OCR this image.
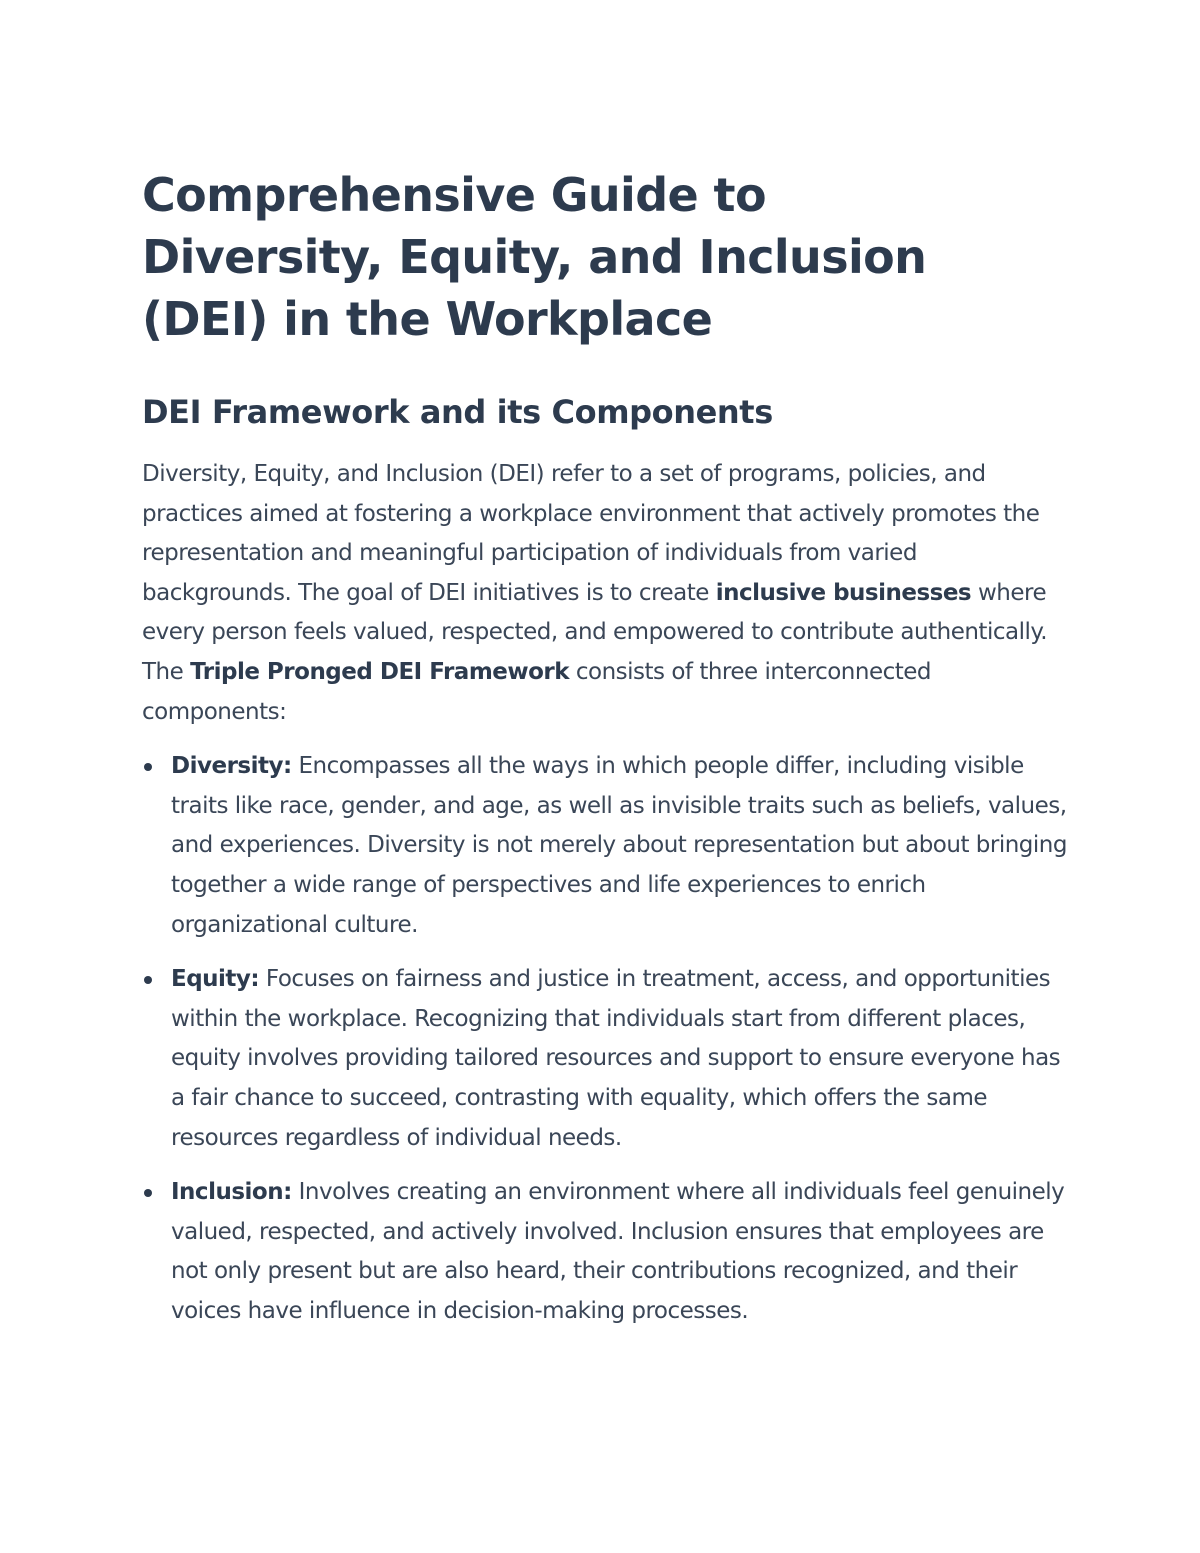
Comprehensive Guide to Diversity, Equity, and Inclusion (DEI) in the Workplace
DEI Framework and its Components

Diversity, Equity, and Inclusion (DEI) refer to a set of programs, policies, and practices aimed at fostering a workplace environment that actively promotes the representation and meaningful participation of individuals from varied backgrounds. The goal of DEI initiatives is to create inclusive businesses where every person feels valued, respected, and empowered to contribute authentically. The Triple Pronged DEI Framework consists of three interconnected components:

Diversity: Encompasses all the ways in which people differ, including visible traits like race, gender, and age, as well as invisible traits such as beliefs, values, and experiences. Diversity is not merely about representation but about bringing together a wide range of perspectives and life experiences to enrich organizational culture.
Equity: Focuses on fairness and justice in treatment, access, and opportunities within the workplace. Recognizing that individuals start from different places, equity involves providing tailored resources and support to ensure everyone has a fair chance to succeed, contrasting with equality, which offers the same resources regardless of individual needs.
Inclusion: Involves creating an environment where all individuals feel genuinely valued, respected, and actively involved. Inclusion ensures that employees are not only present but are also heard, their contributions recognized, and their voices have influence in decision-making processes.
